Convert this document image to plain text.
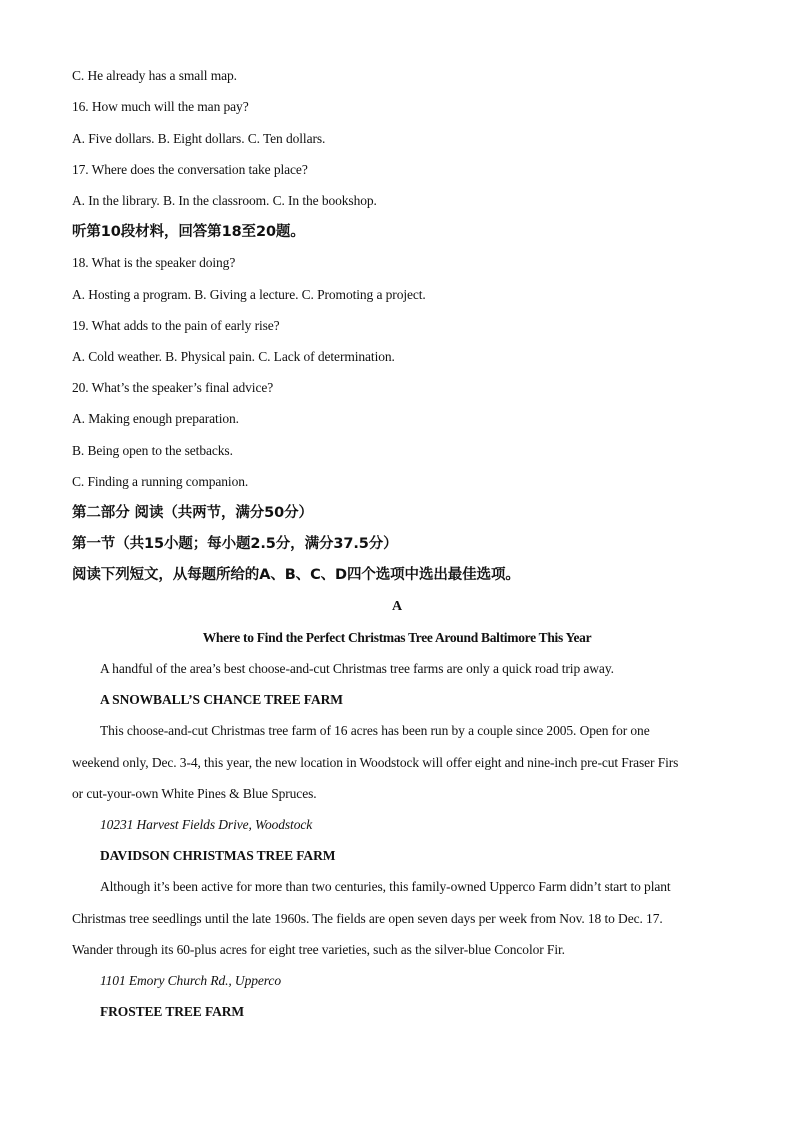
C. He already has a small map.
16. How much will the man pay?
A. Five dollars. B. Eight dollars. C. Ten dollars.
17. Where does the conversation take place?
A. In the library. B. In the classroom. C. In the bookshop.
听第10段材料，回答第18至20题。
18. What is the speaker doing?
A. Hosting a program. B. Giving a lecture. C. Promoting a project.
19. What adds to the pain of early rise?
A. Cold weather. B. Physical pain. C. Lack of determination.
20. What’s the speaker’s final advice?
A. Making enough preparation.
B. Being open to the setbacks.
C. Finding a running companion.
第二部分 阅读（共两节，满分50分）
第一节（共15小题；每小题2.5分，满分37.5分）
阅读下列短文，从每题所给的A、B、C、D四个选项中选出最佳选项。
A
Where to Find the Perfect Christmas Tree Around Baltimore This Year
A handful of the area’s best choose-and-cut Christmas tree farms are only a quick road trip away.
A SNOWBALL’S CHANCE TREE FARM
This choose-and-cut Christmas tree farm of 16 acres has been run by a couple since 2005. Open for one
weekend only, Dec. 3-4, this year, the new location in Woodstock will offer eight and nine-inch pre-cut Fraser Firs
or cut-your-own White Pines & Blue Spruces.
10231 Harvest Fields Drive, Woodstock
DAVIDSON CHRISTMAS TREE FARM
Although it’s been active for more than two centuries, this family-owned Upperco Farm didn’t start to plant
Christmas tree seedlings until the late 1960s. The fields are open seven days per week from Nov. 18 to Dec. 17.
Wander through its 60-plus acres for eight tree varieties, such as the silver-blue Concolor Fir.
1101 Emory Church Rd., Upperco
FROSTEE TREE FARM
